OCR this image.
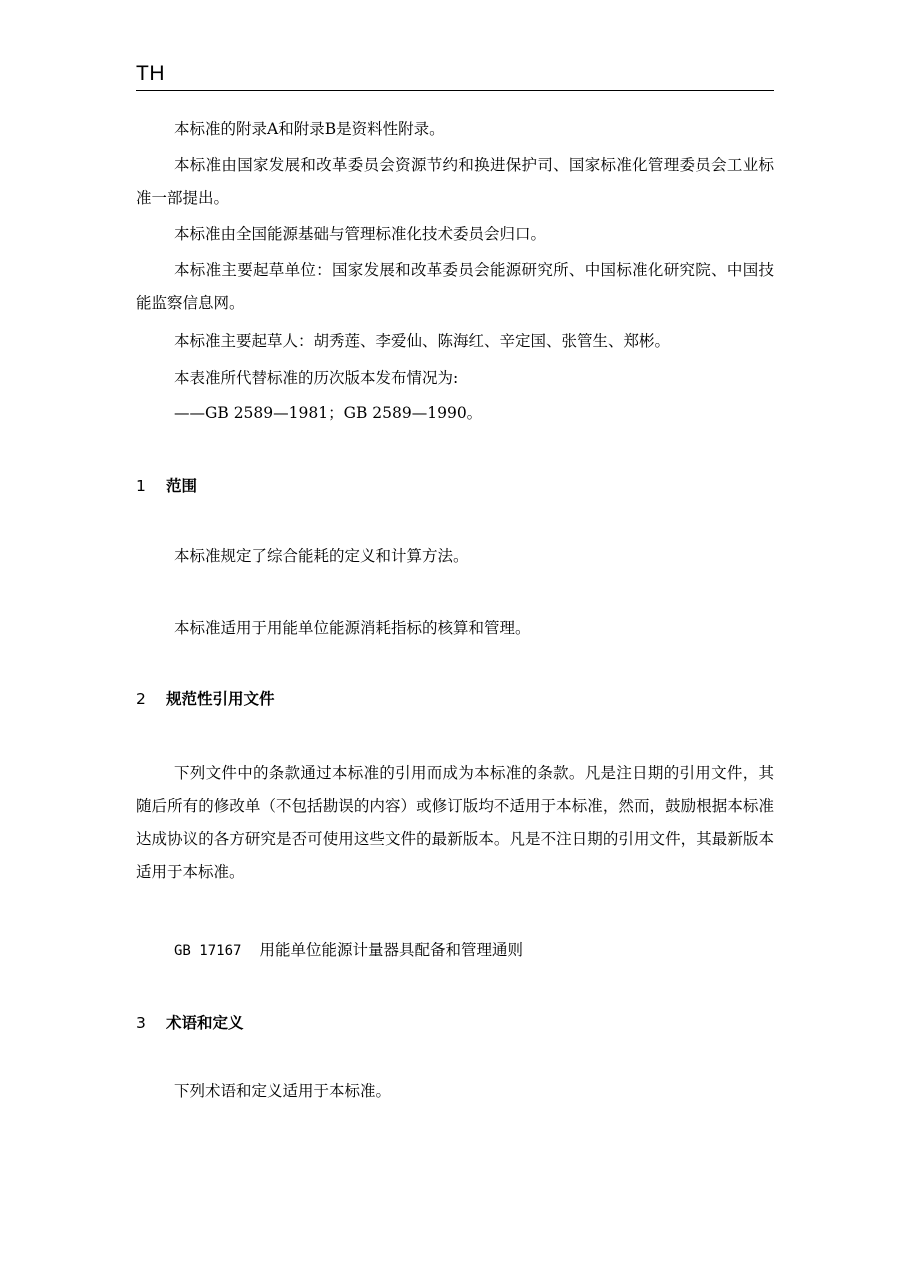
TH

本标准的附录A和附录B是资料性附录。

本标准由国家发展和改革委员会资源节约和换进保护司、国家标准化管理委员会工业标准一部提出。

本标准由全国能源基础与管理标准化技术委员会归口。

本标准主要起草单位：国家发展和改革委员会能源研究所、中国标准化研究院、中国技能监察信息网。

本标准主要起草人：胡秀莲、李爱仙、陈海红、辛定国、张管生、郑彬。

本表准所代替标准的历次版本发布情况为:

——GB 2589—1981；GB 2589—1990。

1 范围

本标准规定了综合能耗的定义和计算方法。

本标准适用于用能单位能源消耗指标的核算和管理。

2 规范性引用文件

下列文件中的条款通过本标准的引用而成为本标准的条款。凡是注日期的引用文件，其随后所有的修改单（不包括勘误的内容）或修订版均不适用于本标准，然而，鼓励根据本标准达成协议的各方研究是否可使用这些文件的最新版本。凡是不注日期的引用文件，其最新版本适用于本标准。

GB 17167 用能单位能源计量器具配备和管理通则
3 术语和定义

下列术语和定义适用于本标准。
